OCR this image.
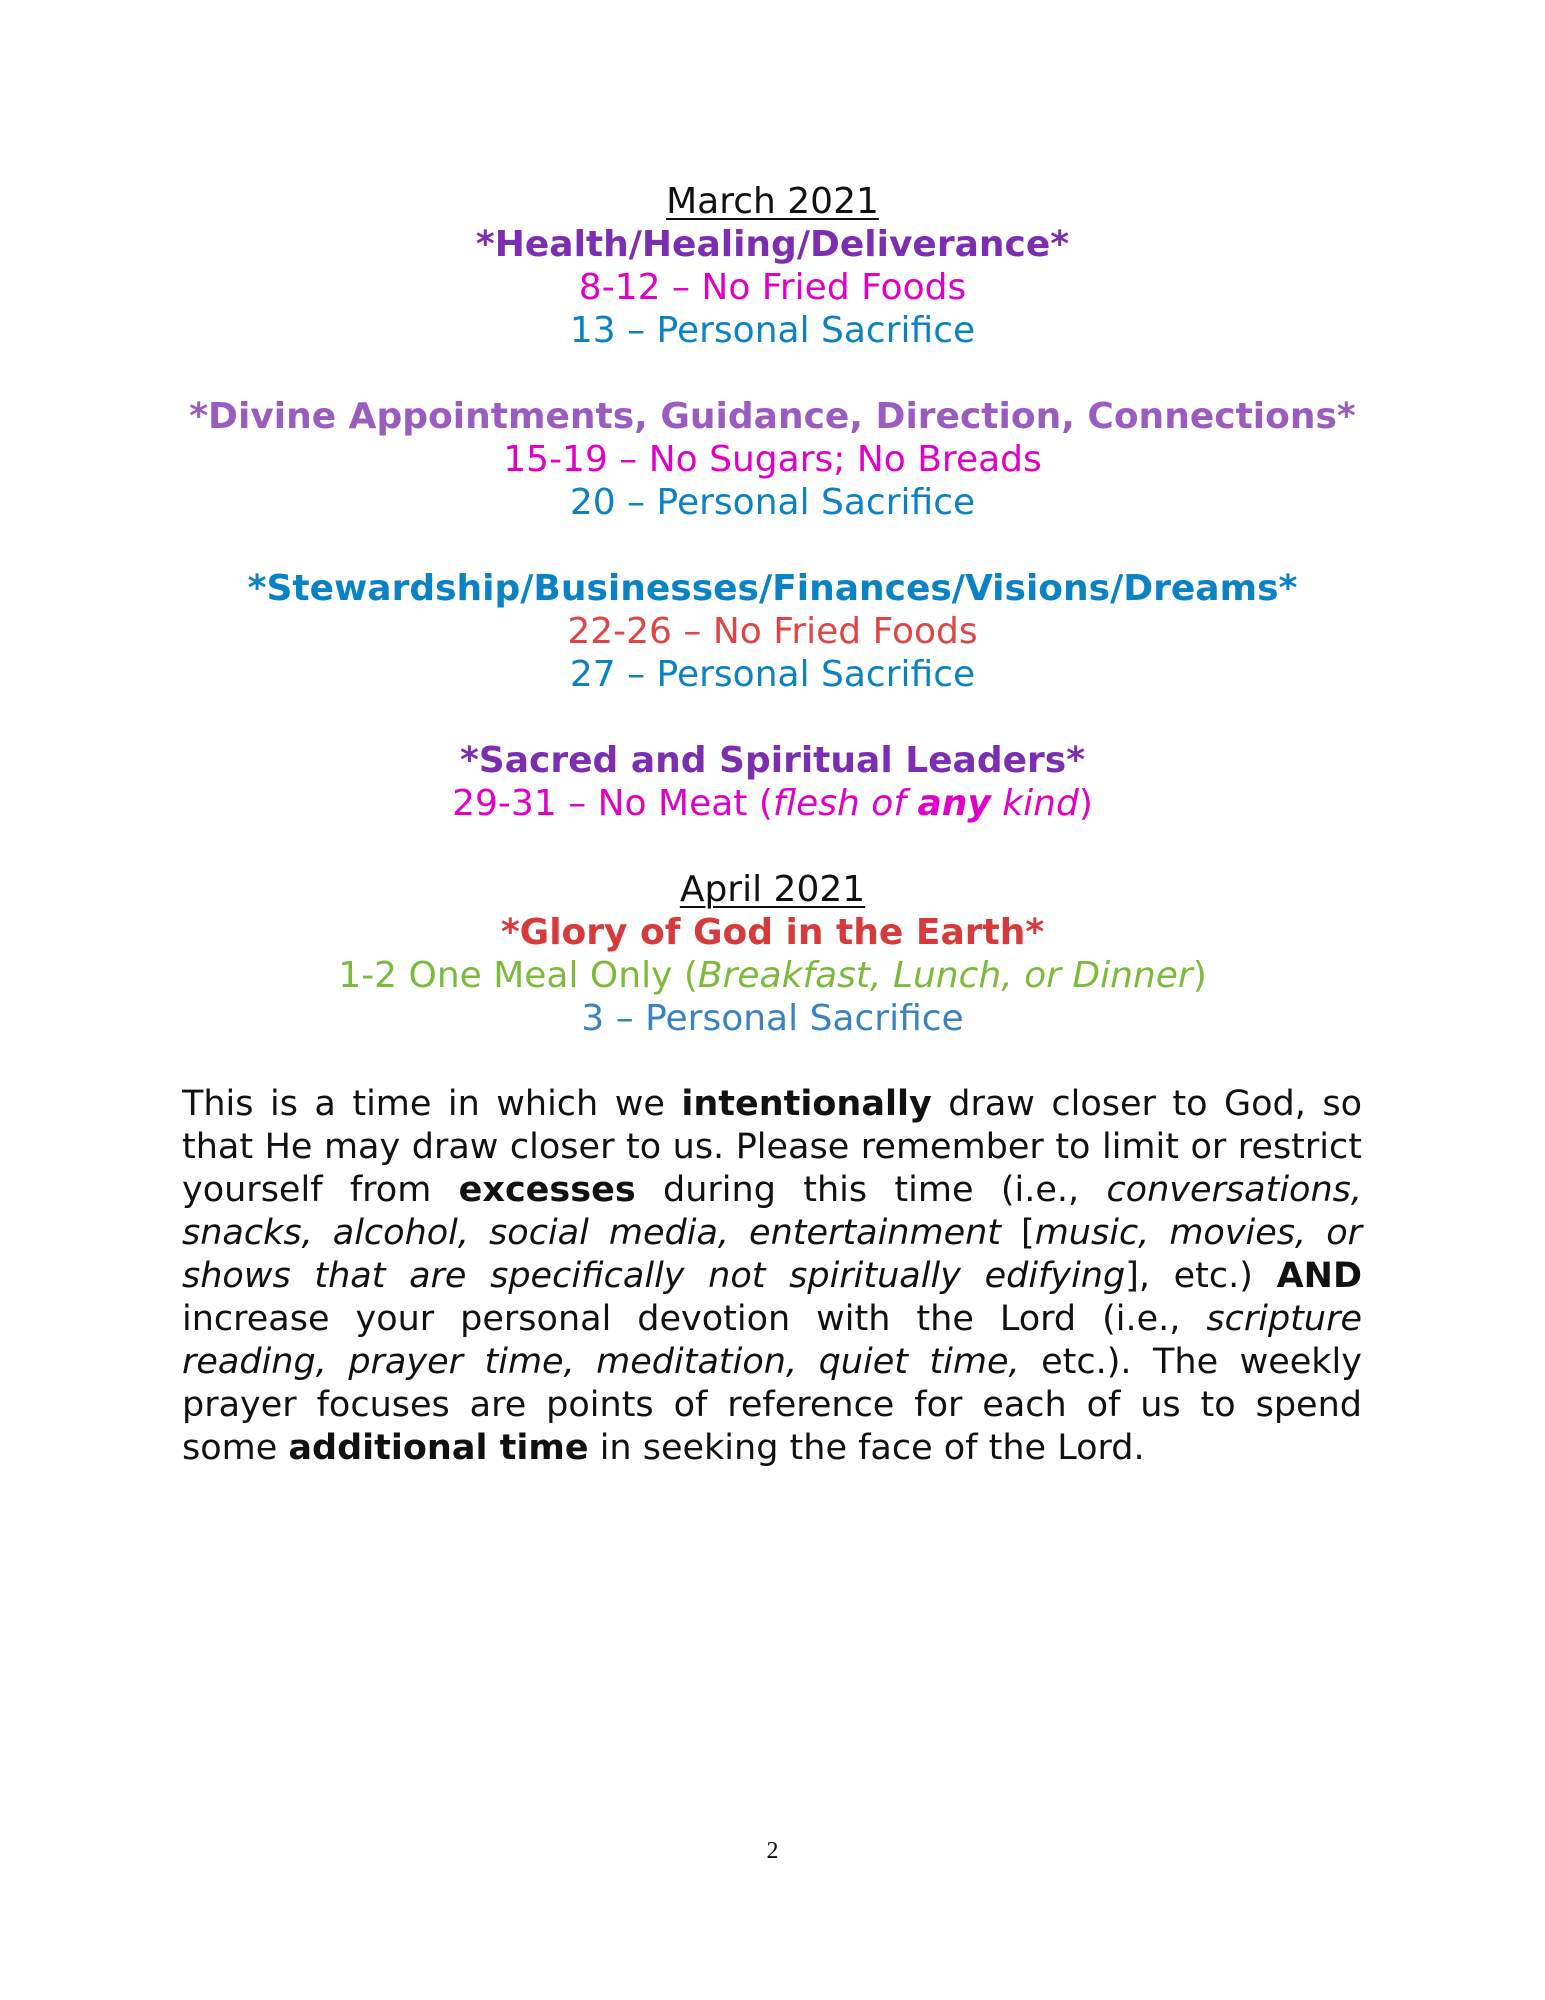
March 2021

*Health/Healing/Deliverance*

8-12 – No Fried Foods

13 – Personal Sacrifice

*Divine Appointments, Guidance, Direction, Connections*

15-19 – No Sugars; No Breads

20 – Personal Sacrifice

*Stewardship/Businesses/Finances/Visions/Dreams*

22-26 – No Fried Foods

27 – Personal Sacrifice

*Sacred and Spiritual Leaders*

29-31 – No Meat (flesh of any kind)

April 2021

*Glory of God in the Earth*

1-2 One Meal Only (Breakfast, Lunch, or Dinner)

3 – Personal Sacrifice

This is a time in which we intentionally draw closer to God, so that He may draw closer to us. Please remember to limit or restrict yourself from excesses during this time (i.e., conversations, snacks, alcohol, social media, entertainment [music, movies, or shows that are specifically not spiritually edifying], etc.) AND increase your personal devotion with the Lord (i.e., scripture reading, prayer time, meditation, quiet time, etc.). The weekly prayer focuses are points of reference for each of us to spend some additional time in seeking the face of the Lord.

2
